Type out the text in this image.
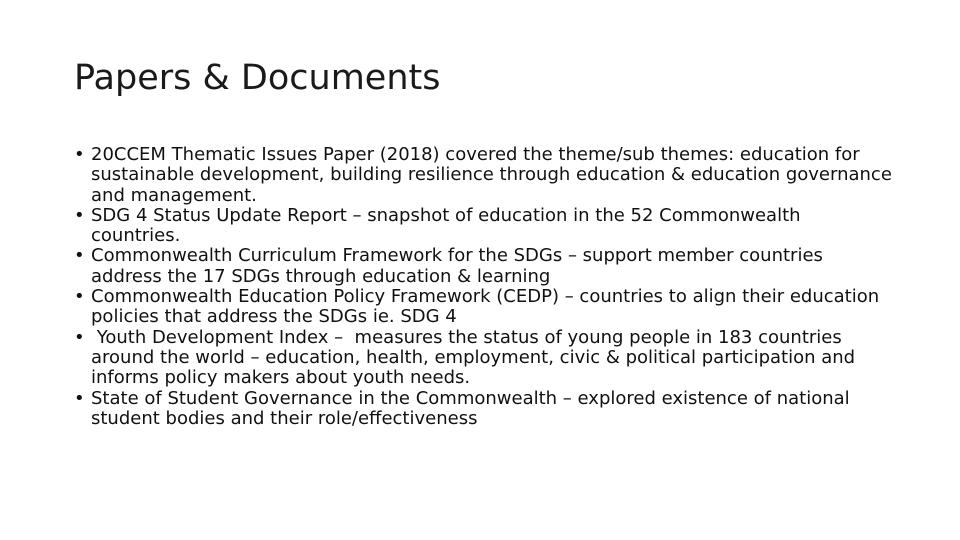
Papers & Documents
• 20CCEM Thematic Issues Paper (2018) covered the theme/sub themes: education for sustainable development, building resilience through education & education governance and management.
• SDG 4 Status Update Report – snapshot of education in the 52 Commonwealth countries.
• Commonwealth Curriculum Framework for the SDGs – support member countries address the 17 SDGs through education & learning
• Commonwealth Education Policy Framework (CEDP) – countries to align their education policies that address the SDGs ie. SDG 4
• Youth Development Index –  measures the status of young people in 183 countries around the world – education, health, employment, civic & political participation and informs policy makers about youth needs.
• State of Student Governance in the Commonwealth – explored existence of national student bodies and their role/effectiveness
